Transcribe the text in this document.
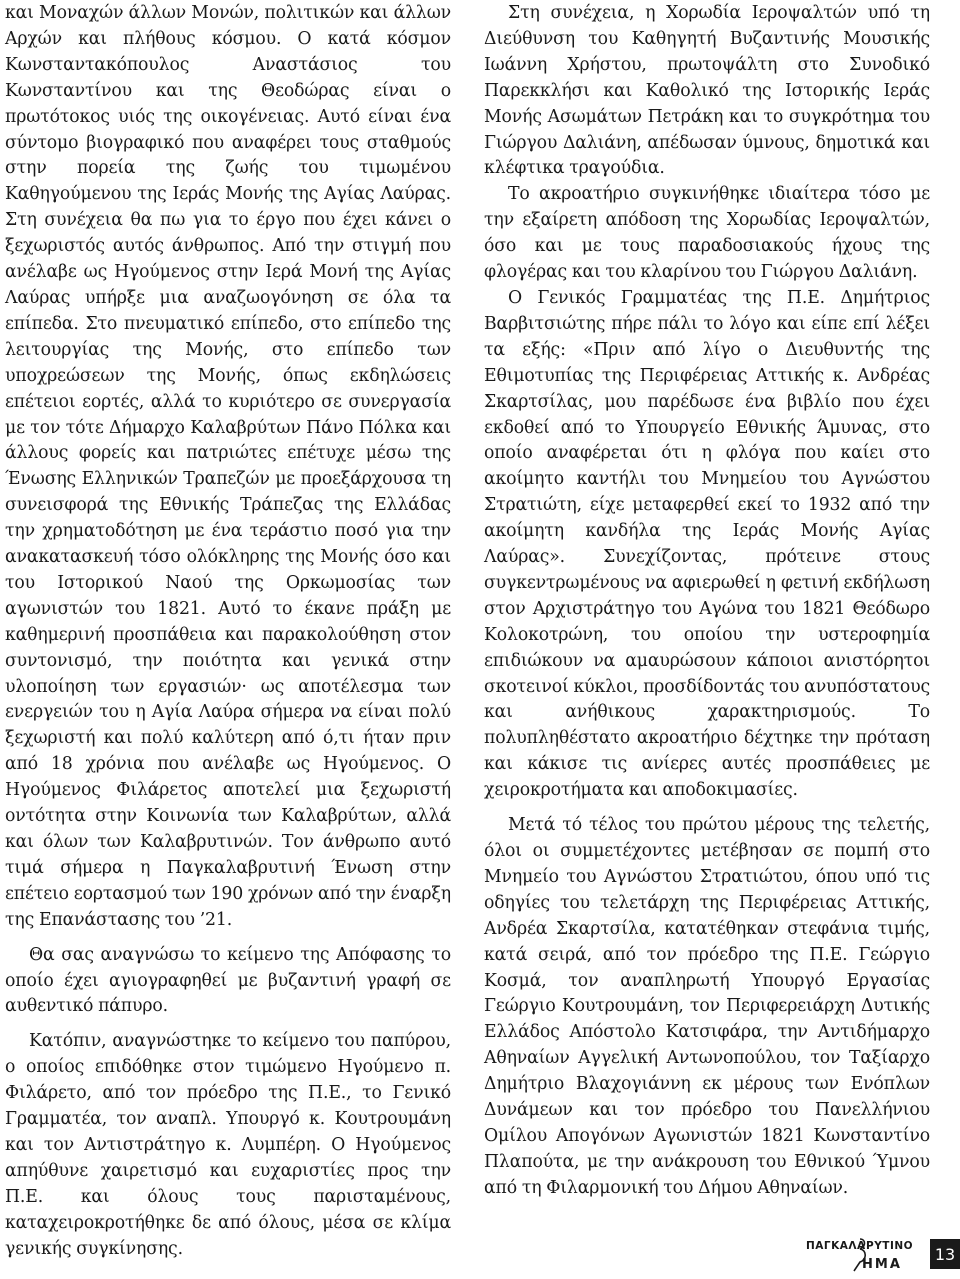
και Μοναχών άλλων Μονών, πολιτικών και άλλων Αρχών και πλήθους κόσμου. Ο κατά κόσμον Κωνσταντακόπουλος Αναστάσιος του Κωνσταντίνου και της Θεοδώρας είναι ο πρωτότοκος υιός της οικογένειας. Αυτό είναι ένα σύντομο βιογραφικό που αναφέρει τους σταθμούς στην πορεία της ζωής του τιμωμένου Καθηγούμενου της Ιεράς Μονής της Αγίας Λαύρας. Στη συνέχεια θα πω για το έργο που έχει κάνει ο ξεχωριστός αυτός άνθρωπος. Από την στιγμή που ανέλαβε ως Ηγούμενος στην Ιερά Μονή της Αγίας Λαύρας υπήρξε μια αναζωογόνηση σε όλα τα επίπεδα. Στο πνευματικό επίπεδο, στο επίπεδο της λειτουργίας της Μονής, στο επίπεδο των υποχρεώσεων της Μονής, όπως εκδηλώσεις επέτειοι εορτές, αλλά το κυριότερο σε συνεργασία με τον τότε Δήμαρχο Καλαβρύτων Πάνο Πόλκα και άλλους φορείς και πατριώτες επέτυχε μέσω της Ένωσης Ελληνικών Τραπεζών με προεξάρχουσα τη συνεισφορά της Εθνικής Τράπεζας της Ελλάδας την χρηματοδότηση με ένα τεράστιο ποσό για την ανακατασκευή τόσο ολόκληρης της Μονής όσο και του Ιστορικού Ναού της Ορκωμοσίας των αγωνιστών του 1821. Αυτό το έκανε πράξη με καθημερινή προσπάθεια και παρακολούθηση στον συντονισμό, την ποιότητα και γενικά στην υλοποίηση των εργασιών· ως αποτέλεσμα των ενεργειών του η Αγία Λαύρα σήμερα να είναι πολύ ξεχωριστή και πολύ καλύτερη από ό,τι ήταν πριν από 18 χρόνια που ανέλαβε ως Ηγούμενος. Ο Ηγούμενος Φιλάρετος αποτελεί μια ξεχωριστή οντότητα στην Κοινωνία των Καλαβρύτων, αλλά και όλων των Καλαβρυτινών. Τον άνθρωπο αυτό τιμά σήμερα η Παγκαλαβρυτινή Ένωση στην επέτειο εορτασμού των 190 χρόνων από την έναρξη της Επανάστασης του ’21.

Θα σας αναγνώσω το κείμενο της Απόφασης το οποίο έχει αγιογραφηθεί με βυζαντινή γραφή σε αυθεντικό πάπυρο.

Κατόπιν, αναγνώστηκε το κείμενο του παπύρου, ο οποίος επιδόθηκε στον τιμώμενο Ηγούμενο π. Φιλάρετο, από τον πρόεδρο της Π.Ε., το Γενικό Γραμματέα, τον αναπλ. Υπουργό κ. Κουτρουμάνη και τον Αντιστράτηγο κ. Λυμπέρη. Ο Ηγούμενος απηύθυνε χαιρετισμό και ευχαριστίες προς την Π.Ε. και όλους τους παρισταμένους, καταχειροκροτήθηκε δε από όλους, μέσα σε κλίμα γενικής συγκίνησης.

Στη συνέχεια, η Χορωδία Ιεροψαλτών υπό τη Διεύθυνση του Καθηγητή Βυζαντινής Μουσικής Ιωάννη Χρήστου, πρωτοψάλτη στο Συνοδικό Παρεκκλήσι και Καθολικό της Ιστορικής Ιεράς Μονής Ασωμάτων Πετράκη και το συγκρότημα του Γιώργου Δαλιάνη, απέδωσαν ύμνους, δημοτικά και κλέφτικα τραγούδια.

Το ακροατήριο συγκινήθηκε ιδιαίτερα τόσο με την εξαίρετη απόδοση της Χορωδίας Ιεροψαλτών, όσο και με τους παραδοσιακούς ήχους της φλογέρας και του κλαρίνου του Γιώργου Δαλιάνη.

Ο Γενικός Γραμματέας της Π.Ε. Δημήτριος Βαρβιτσιώτης πήρε πάλι το λόγο και είπε επί λέξει τα εξής: «Πριν από λίγο ο Διευθυντής της Εθιμοτυπίας της Περιφέρειας Αττικής κ. Ανδρέας Σκαρτσίλας, μου παρέδωσε ένα βιβλίο που έχει εκδοθεί από το Υπουργείο Εθνικής Άμυνας, στο οποίο αναφέρεται ότι η φλόγα που καίει στο ακοίμητο καντήλι του Μνημείου του Αγνώστου Στρατιώτη, είχε μεταφερθεί εκεί το 1932 από την ακοίμητη κανδήλα της Ιεράς Μονής Αγίας Λαύρας». Συνεχίζοντας, πρότεινε στους συγκεντρωμένους να αφιερωθεί η φετινή εκδήλωση στον Αρχιστράτηγο του Αγώνα του 1821 Θεόδωρο Κολοκοτρώνη, του οποίου την υστεροφημία επιδιώκουν να αμαυρώσουν κάποιοι ανιστόρητοι σκοτεινοί κύκλοι, προσδίδοντάς του ανυπόστατους και ανήθικους χαρακτηρισμούς. Το πολυπληθέστατο ακροατήριο δέχτηκε την πρόταση και κάκισε τις ανίερες αυτές προσπάθειες με χειροκροτήματα και αποδοκιμασίες.

Μετά τό τέλος του πρώτου μέρους της τελετής, όλοι οι συμμετέχοντες μετέβησαν σε πομπή στο Μνημείο του Αγνώστου Στρατιώτου, όπου υπό τις οδηγίες του τελετάρχη της Περιφέρειας Αττικής, Ανδρέα Σκαρτσίλα, κατατέθηκαν στεφάνια τιμής, κατά σειρά, από τον πρόεδρο της Π.Ε. Γεώργιο Κοσμά, τον αναπληρωτή Υπουργό Εργασίας Γεώργιο Κουτρουμάνη, τον Περιφερειάρχη Δυτικής Ελλάδος Απόστολο Κατσιφάρα, την Αντιδήμαρχο Αθηναίων Αγγελική Αντωνοπούλου, τον Ταξίαρχο Δημήτριο Βλαχογιάννη εκ μέρους των Ενόπλων Δυνάμεων και τον πρόεδρο του Πανελλήνιου Ομίλου Απογόνων Αγωνιστών 1821 Κωνσταντίνο Πλαπούτα, με την ανάκρουση του Εθνικού Ύμνου από τη Φιλαρμονική του Δήμου Αθηναίων.

ΠΑΓΚΑΛΑ ΡΥΤΙΝΟ
ΗΜΑ
13
